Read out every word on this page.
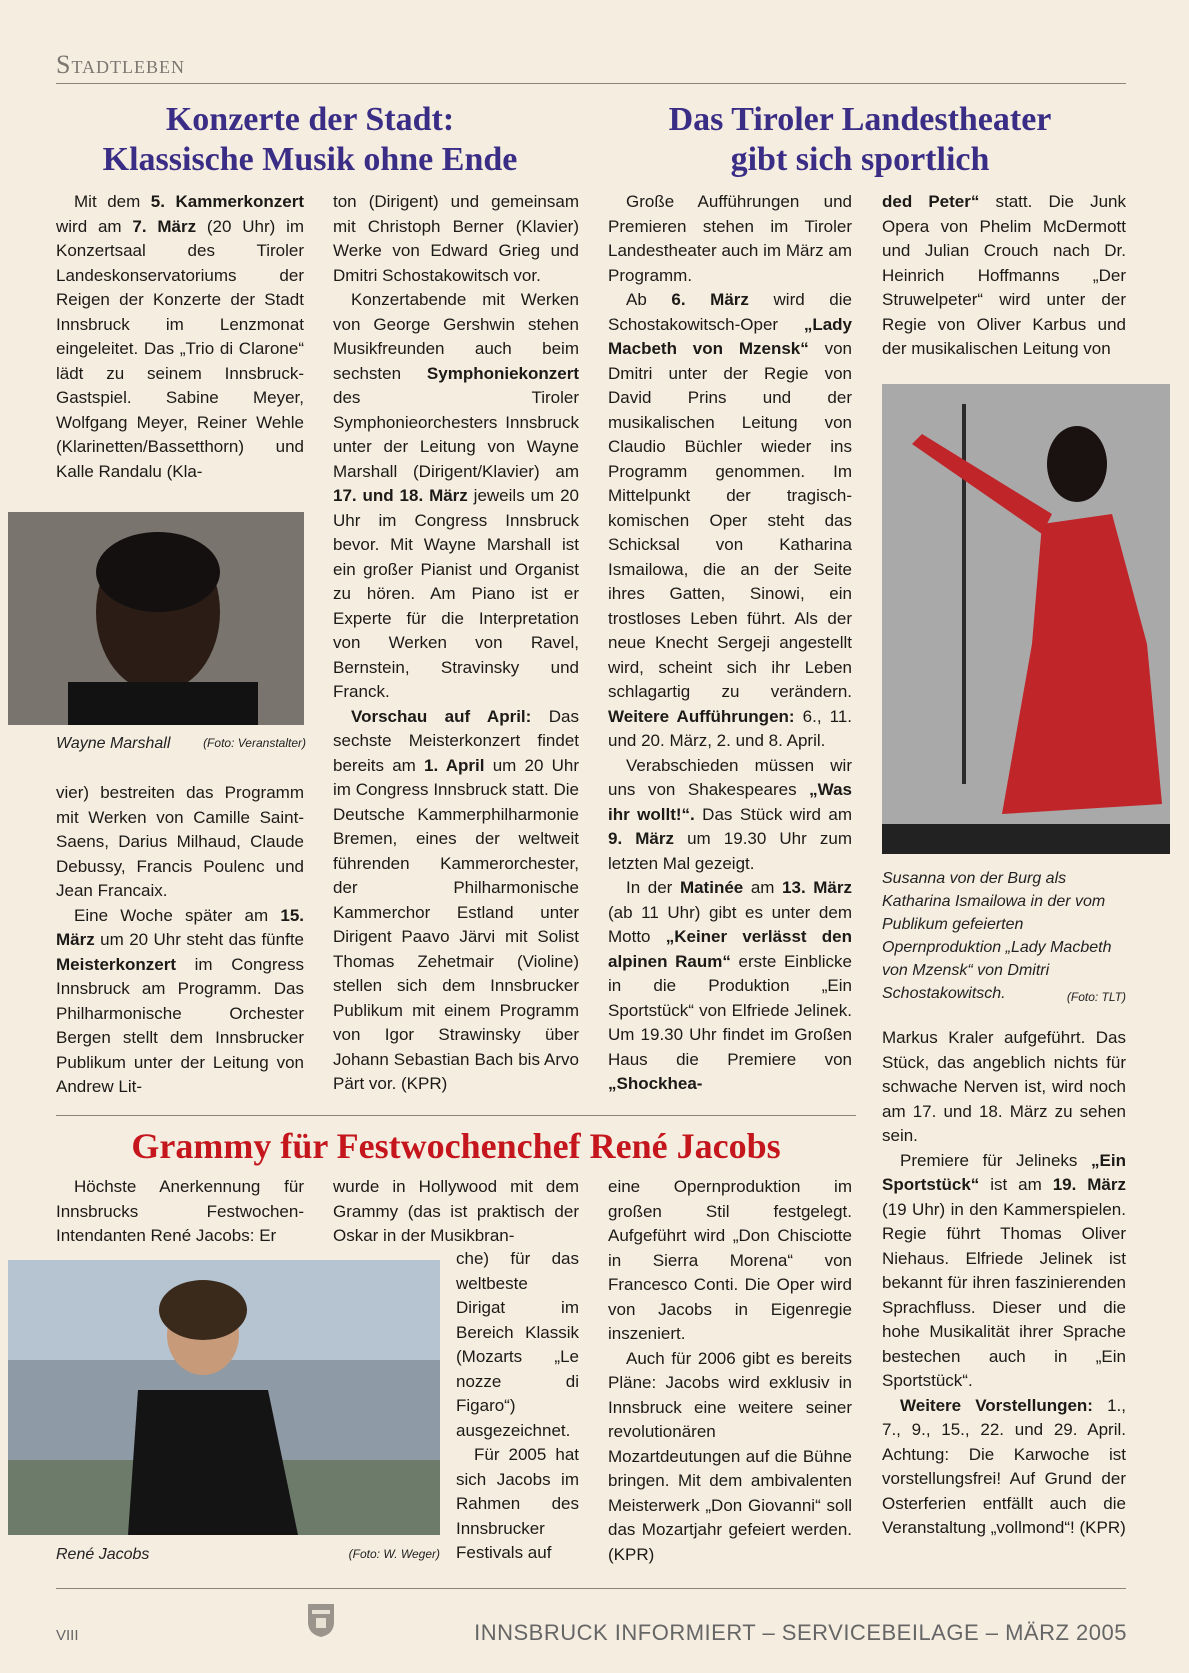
Stadtleben
Konzerte der Stadt:
Klassische Musik ohne Ende
Das Tiroler Landestheater
gibt sich sportlich

Mit dem 5. Kammerkonzert wird am 7. März (20 Uhr) im Konzertsaal des Tiroler Landeskonservatoriums der Reigen der Konzerte der Stadt Innsbruck im Lenzmonat eingeleitet. Das „Trio di Clarone“ lädt zu seinem Innsbruck-Gastspiel. Sabine Meyer, Wolfgang Meyer, Reiner Wehle (Klarinetten/Bassetthorn) und Kalle Randalu (Kla-

Wayne Marshall	(Foto: Veranstalter)

vier) bestreiten das Programm mit Werken von Camille Saint-Saens, Darius Milhaud, Claude Debussy, Francis Poulenc und Jean Francaix.

Eine Woche später am 15. März um 20 Uhr steht das fünfte Meisterkonzert im Congress Innsbruck am Programm. Das Philharmonische Orchester Bergen stellt dem Innsbrucker Publikum unter der Leitung von Andrew Lit-

ton (Dirigent) und gemeinsam mit Christoph Berner (Klavier) Werke von Edward Grieg und Dmitri Schostakowitsch vor.

Konzertabende mit Werken von George Gershwin stehen Musikfreunden auch beim sechsten Symphoniekonzert des Tiroler Symphonieorchesters Innsbruck unter der Leitung von Wayne Marshall (Dirigent/Klavier) am 17. und 18. März jeweils um 20 Uhr im Congress Innsbruck bevor. Mit Wayne Marshall ist ein großer Pianist und Organist zu hören. Am Piano ist er Experte für die Interpretation von Werken von Ravel, Bernstein, Stravinsky und Franck.

Vorschau auf April: Das sechste Meisterkonzert findet bereits am 1. April um 20 Uhr im Congress Innsbruck statt. Die Deutsche Kammerphilharmonie Bremen, eines der weltweit führenden Kammerorchester, der Philharmonische Kammerchor Estland unter Dirigent Paavo Järvi mit Solist Thomas Zehetmair (Violine) stellen sich dem Innsbrucker Publikum mit einem Programm von Igor Strawinsky über Johann Sebastian Bach bis Arvo Pärt vor. (KPR)

Große Aufführungen und Premieren stehen im Tiroler Landestheater auch im März am Programm.

Ab 6. März wird die Schostakowitsch-Oper „Lady Macbeth von Mzensk“ von Dmitri unter der Regie von David Prins und der musikalischen Leitung von Claudio Büchler wieder ins Programm genommen. Im Mittelpunkt der tragisch-komischen Oper steht das Schicksal von Katharina Ismailowa, die an der Seite ihres Gatten, Sinowi, ein trostloses Leben führt. Als der neue Knecht Sergeji angestellt wird, scheint sich ihr Leben schlagartig zu verändern. Weitere Aufführungen: 6., 11. und 20. März, 2. und 8. April.

Verabschieden müssen wir uns von Shakespeares „Was ihr wollt!“. Das Stück wird am 9. März um 19.30 Uhr zum letzten Mal gezeigt.

In der Matinée am 13. März (ab 11 Uhr) gibt es unter dem Motto „Keiner verlässt den alpinen Raum“ erste Einblicke in die Produktion „Ein Sportstück“ von Elfriede Jelinek. Um 19.30 Uhr findet im Großen Haus die Premiere von „Shockhea-

ded Peter“ statt. Die Junk Opera von Phelim McDermott und Julian Crouch nach Dr. Heinrich Hoffmanns „Der Struwelpeter“ wird unter der Regie von Oliver Karbus und der musikalischen Leitung von

Susanna von der Burg als Katharina Ismailowa in der vom Publikum gefeierten Opernproduktion „Lady Macbeth von Mzensk“ von Dmitri Schostakowitsch.	(Foto: TLT)

Markus Kraler aufgeführt. Das Stück, das angeblich nichts für schwache Nerven ist, wird noch am 17. und 18. März zu sehen sein.

Premiere für Jelineks „Ein Sportstück“ ist am 19. März (19 Uhr) in den Kammerspielen. Regie führt Thomas Oliver Niehaus. Elfriede Jelinek ist bekannt für ihren faszinierenden Sprachfluss. Dieser und die hohe Musikalität ihrer Sprache bestechen auch in „Ein Sportstück“.

Weitere Vorstellungen: 1., 7., 9., 15., 22. und 29. April. Achtung: Die Karwoche ist vorstellungsfrei! Auf Grund der Osterferien entfällt auch die Veranstaltung „vollmond“! (KPR)

Grammy für Festwochenchef René Jacobs

Höchste Anerkennung für Innsbrucks Festwochen-Intendanten René Jacobs: Er

wurde in Hollywood mit dem Grammy (das ist praktisch der Oskar in der Musikbran-

René Jacobs	(Foto: W. Weger)

che) für das weltbeste Dirigat im Bereich Klassik (Mozarts „Le nozze di Figaro“) ausgezeichnet.

Für 2005 hat sich Jacobs im Rahmen des Innsbrucker Festivals auf

eine Opernproduktion im großen Stil festgelegt. Aufgeführt wird „Don Chisciotte in Sierra Morena“ von Francesco Conti. Die Oper wird von Jacobs in Eigenregie inszeniert.

Auch für 2006 gibt es bereits Pläne: Jacobs wird exklusiv in Innsbruck eine weitere seiner revolutionären Mozartdeutungen auf die Bühne bringen. Mit dem ambivalenten Meisterwerk „Don Giovanni“ soll das Mozartjahr gefeiert werden. (KPR)

VIII	INNSBRUCK INFORMIERT – SERVICEBEILAGE – MÄRZ 2005
